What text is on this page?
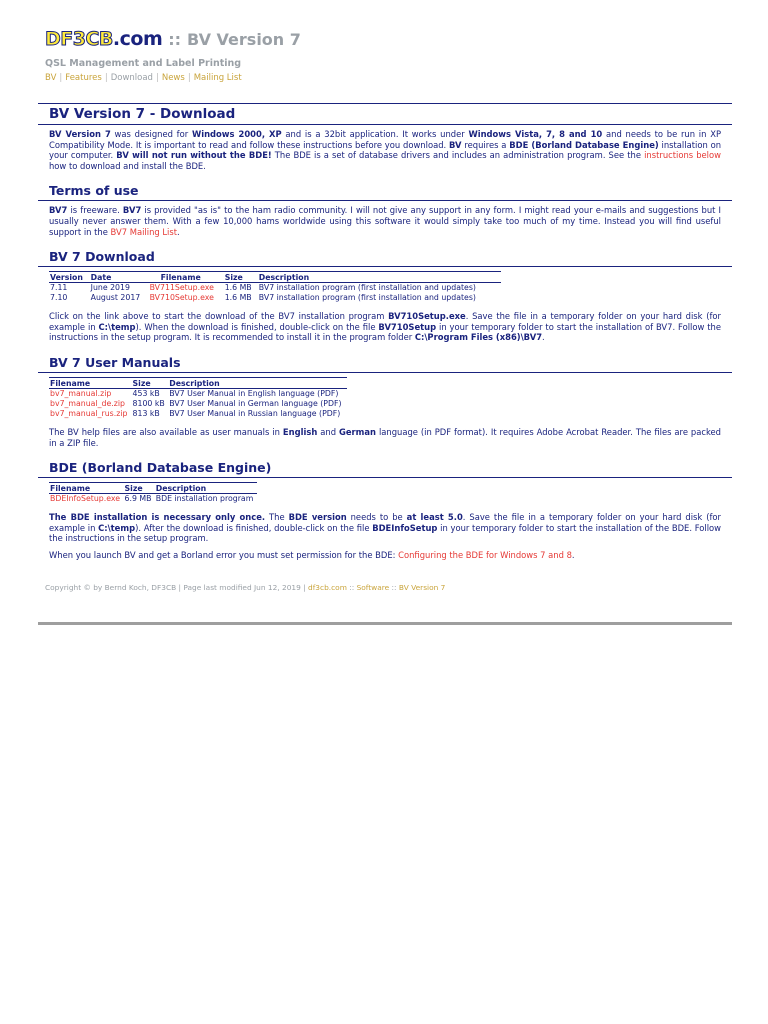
DF3CB.com :: BV Version 7
QSL Management and Label Printing
BV | Features | Download | News | Mailing List
BV Version 7 - Download

BV Version 7 was designed for Windows 2000, XP and is a 32bit application. It works under Windows Vista, 7, 8 and 10 and needs to be run in XP Compatibility Mode. It is important to read and follow these instructions before you download. BV requires a BDE (Borland Database Engine) installation on your computer. BV will not run without the BDE! The BDE is a set of database drivers and includes an administration program. See the instructions below how to download and install the BDE.

Terms of use

BV7 is freeware. BV7 is provided "as is" to the ham radio community. I will not give any support in any form. I might read your e-mails and suggestions but I usually never answer them. With a few 10,000 hams worldwide using this software it would simply take too much of my time. Instead you will find useful support in the BV7 Mailing List.

BV 7 Download
Version	Date	Filename	Size	Description
7.11	June 2019	BV711Setup.exe	1.6 MB	BV7 installation program (first installation and updates)
7.10	August 2017	BV710Setup.exe	1.6 MB	BV7 installation program (first installation and updates)

Click on the link above to start the download of the BV7 installation program BV710Setup.exe. Save the file in a temporary folder on your hard disk (for example in C:\temp). When the download is finished, double-click on the file BV710Setup in your temporary folder to start the installation of BV7. Follow the instructions in the setup program. It is recommended to install it in the program folder C:\Program Files (x86)\BV7.

BV 7 User Manuals
Filename	Size	Description
bv7_manual.zip	453 kB	BV7 User Manual in English language (PDF)
bv7_manual_de.zip	8100 kB	BV7 User Manual in German language (PDF)
bv7_manual_rus.zip	813 kB	BV7 User Manual in Russian language (PDF)

The BV help files are also available as user manuals in English and German language (in PDF format). It requires Adobe Acrobat Reader. The files are packed in a ZIP file.

BDE (Borland Database Engine)
Filename	Size	Description
BDEInfoSetup.exe	6.9 MB	BDE installation program

The BDE installation is necessary only once. The BDE version needs to be at least 5.0. Save the file in a temporary folder on your hard disk (for example in C:\temp). After the download is finished, double-click on the file BDEInfoSetup in your temporary folder to start the installation of the BDE. Follow the instructions in the setup program.

When you launch BV and get a Borland error you must set permission for the BDE: Configuring the BDE for Windows 7 and 8.

Copyright © by Bernd Koch, DF3CB | Page last modified Jun 12, 2019 | df3cb.com :: Software :: BV Version 7
